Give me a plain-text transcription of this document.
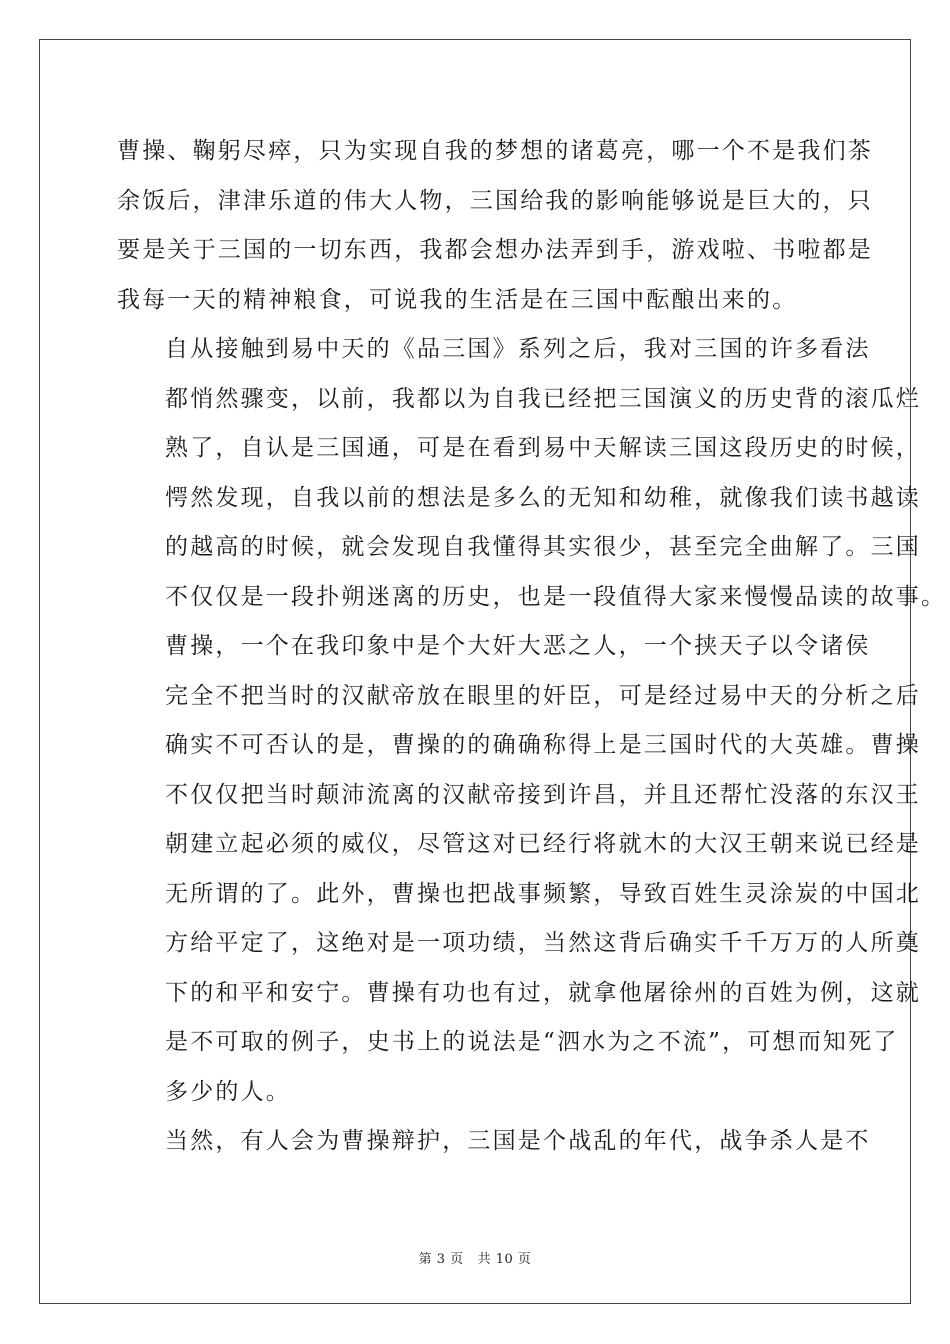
曹操、鞠躬尽瘁，只为实现自我的梦想的诸葛亮，哪一个不是我们茶
余饭后，津津乐道的伟大人物，三国给我的影响能够说是巨大的，只
要是关于三国的一切东西，我都会想办法弄到手，游戏啦、书啦都是
我每一天的精神粮食，可说我的生活是在三国中酝酿出来的。

自从接触到易中天的《品三国》系列之后，我对三国的许多看法
都悄然骤变，以前，我都以为自我已经把三国演义的历史背的滚瓜烂
熟了，自认是三国通，可是在看到易中天解读三国这段历史的时候，
愕然发现，自我以前的想法是多么的无知和幼稚，就像我们读书越读
的越高的时候，就会发现自我懂得其实很少，甚至完全曲解了。三国
不仅仅是一段扑朔迷离的历史，也是一段值得大家来慢慢品读的故事。

曹操，一个在我印象中是个大奸大恶之人，一个挟天子以令诸侯
完全不把当时的汉献帝放在眼里的奸臣，可是经过易中天的分析之后
确实不可否认的是，曹操的的确确称得上是三国时代的大英雄。曹操
不仅仅把当时颠沛流离的汉献帝接到许昌，并且还帮忙没落的东汉王
朝建立起必须的威仪，尽管这对已经行将就木的大汉王朝来说已经是
无所谓的了。此外，曹操也把战事频繁，导致百姓生灵涂炭的中国北
方给平定了，这绝对是一项功绩，当然这背后确实千千万万的人所奠
下的和平和安宁。曹操有功也有过，就拿他屠徐州的百姓为例，这就
是不可取的例子，史书上的说法是“泗水为之不流”，可想而知死了
多少的人。

当然，有人会为曹操辩护，三国是个战乱的年代，战争杀人是不

第 3 页 共 10 页
